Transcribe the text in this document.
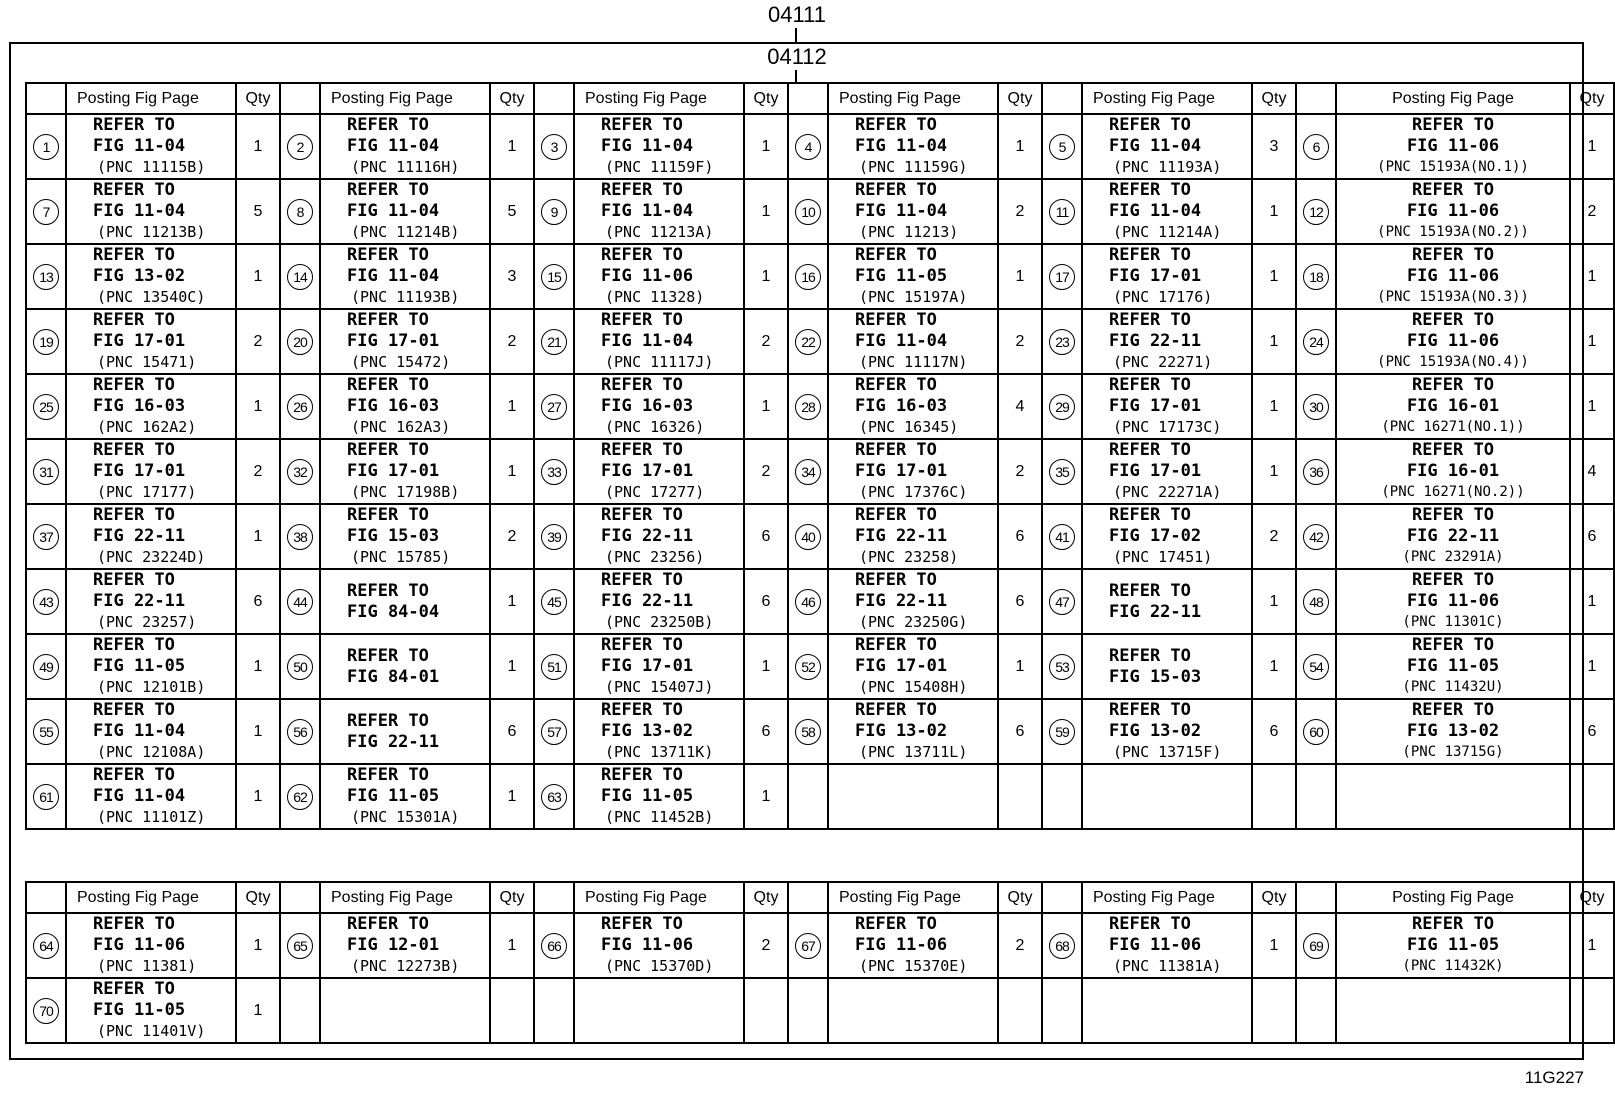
04111
04112
	Posting Fig Page	Qty		Posting Fig Page	Qty		Posting Fig Page	Qty		Posting Fig Page	Qty		Posting Fig Page	Qty		Posting Fig Page	Qty
1	REFER TO
FIG 11-04
(PNC 11115B)	1	2	REFER TO
FIG 11-04
(PNC 11116H)	1	3	REFER TO
FIG 11-04
(PNC 11159F)	1	4	REFER TO
FIG 11-04
(PNC 11159G)	1	5	REFER TO
FIG 11-04
(PNC 11193A)	3	6	REFER TO
FIG 11-06
(PNC 15193A(NO.1))	1
7	REFER TO
FIG 11-04
(PNC 11213B)	5	8	REFER TO
FIG 11-04
(PNC 11214B)	5	9	REFER TO
FIG 11-04
(PNC 11213A)	1	10	REFER TO
FIG 11-04
(PNC 11213)	2	11	REFER TO
FIG 11-04
(PNC 11214A)	1	12	REFER TO
FIG 11-06
(PNC 15193A(NO.2))	2
13	REFER TO
FIG 13-02
(PNC 13540C)	1	14	REFER TO
FIG 11-04
(PNC 11193B)	3	15	REFER TO
FIG 11-06
(PNC 11328)	1	16	REFER TO
FIG 11-05
(PNC 15197A)	1	17	REFER TO
FIG 17-01
(PNC 17176)	1	18	REFER TO
FIG 11-06
(PNC 15193A(NO.3))	1
19	REFER TO
FIG 17-01
(PNC 15471)	2	20	REFER TO
FIG 17-01
(PNC 15472)	2	21	REFER TO
FIG 11-04
(PNC 11117J)	2	22	REFER TO
FIG 11-04
(PNC 11117N)	2	23	REFER TO
FIG 22-11
(PNC 22271)	1	24	REFER TO
FIG 11-06
(PNC 15193A(NO.4))	1
25	REFER TO
FIG 16-03
(PNC 162A2)	1	26	REFER TO
FIG 16-03
(PNC 162A3)	1	27	REFER TO
FIG 16-03
(PNC 16326)	1	28	REFER TO
FIG 16-03
(PNC 16345)	4	29	REFER TO
FIG 17-01
(PNC 17173C)	1	30	REFER TO
FIG 16-01
(PNC 16271(NO.1))	1
31	REFER TO
FIG 17-01
(PNC 17177)	2	32	REFER TO
FIG 17-01
(PNC 17198B)	1	33	REFER TO
FIG 17-01
(PNC 17277)	2	34	REFER TO
FIG 17-01
(PNC 17376C)	2	35	REFER TO
FIG 17-01
(PNC 22271A)	1	36	REFER TO
FIG 16-01
(PNC 16271(NO.2))	4
37	REFER TO
FIG 22-11
(PNC 23224D)	1	38	REFER TO
FIG 15-03
(PNC 15785)	2	39	REFER TO
FIG 22-11
(PNC 23256)	6	40	REFER TO
FIG 22-11
(PNC 23258)	6	41	REFER TO
FIG 17-02
(PNC 17451)	2	42	REFER TO
FIG 22-11
(PNC 23291A)	6
43	REFER TO
FIG 22-11
(PNC 23257)	6	44	REFER TO
FIG 84-04	1	45	REFER TO
FIG 22-11
(PNC 23250B)	6	46	REFER TO
FIG 22-11
(PNC 23250G)	6	47	REFER TO
FIG 22-11	1	48	REFER TO
FIG 11-06
(PNC 11301C)	1
49	REFER TO
FIG 11-05
(PNC 12101B)	1	50	REFER TO
FIG 84-01	1	51	REFER TO
FIG 17-01
(PNC 15407J)	1	52	REFER TO
FIG 17-01
(PNC 15408H)	1	53	REFER TO
FIG 15-03	1	54	REFER TO
FIG 11-05
(PNC 11432U)	1
55	REFER TO
FIG 11-04
(PNC 12108A)	1	56	REFER TO
FIG 22-11	6	57	REFER TO
FIG 13-02
(PNC 13711K)	6	58	REFER TO
FIG 13-02
(PNC 13711L)	6	59	REFER TO
FIG 13-02
(PNC 13715F)	6	60	REFER TO
FIG 13-02
(PNC 13715G)	6
61	REFER TO
FIG 11-04
(PNC 11101Z)	1	62	REFER TO
FIG 11-05
(PNC 15301A)	1	63	REFER TO
FIG 11-05
(PNC 11452B)	1									
	Posting Fig Page	Qty		Posting Fig Page	Qty		Posting Fig Page	Qty		Posting Fig Page	Qty		Posting Fig Page	Qty		Posting Fig Page	Qty
64	REFER TO
FIG 11-06
(PNC 11381)	1	65	REFER TO
FIG 12-01
(PNC 12273B)	1	66	REFER TO
FIG 11-06
(PNC 15370D)	2	67	REFER TO
FIG 11-06
(PNC 15370E)	2	68	REFER TO
FIG 11-06
(PNC 11381A)	1	69	REFER TO
FIG 11-05
(PNC 11432K)	1
70	REFER TO
FIG 11-05
(PNC 11401V)	1															
11G227
